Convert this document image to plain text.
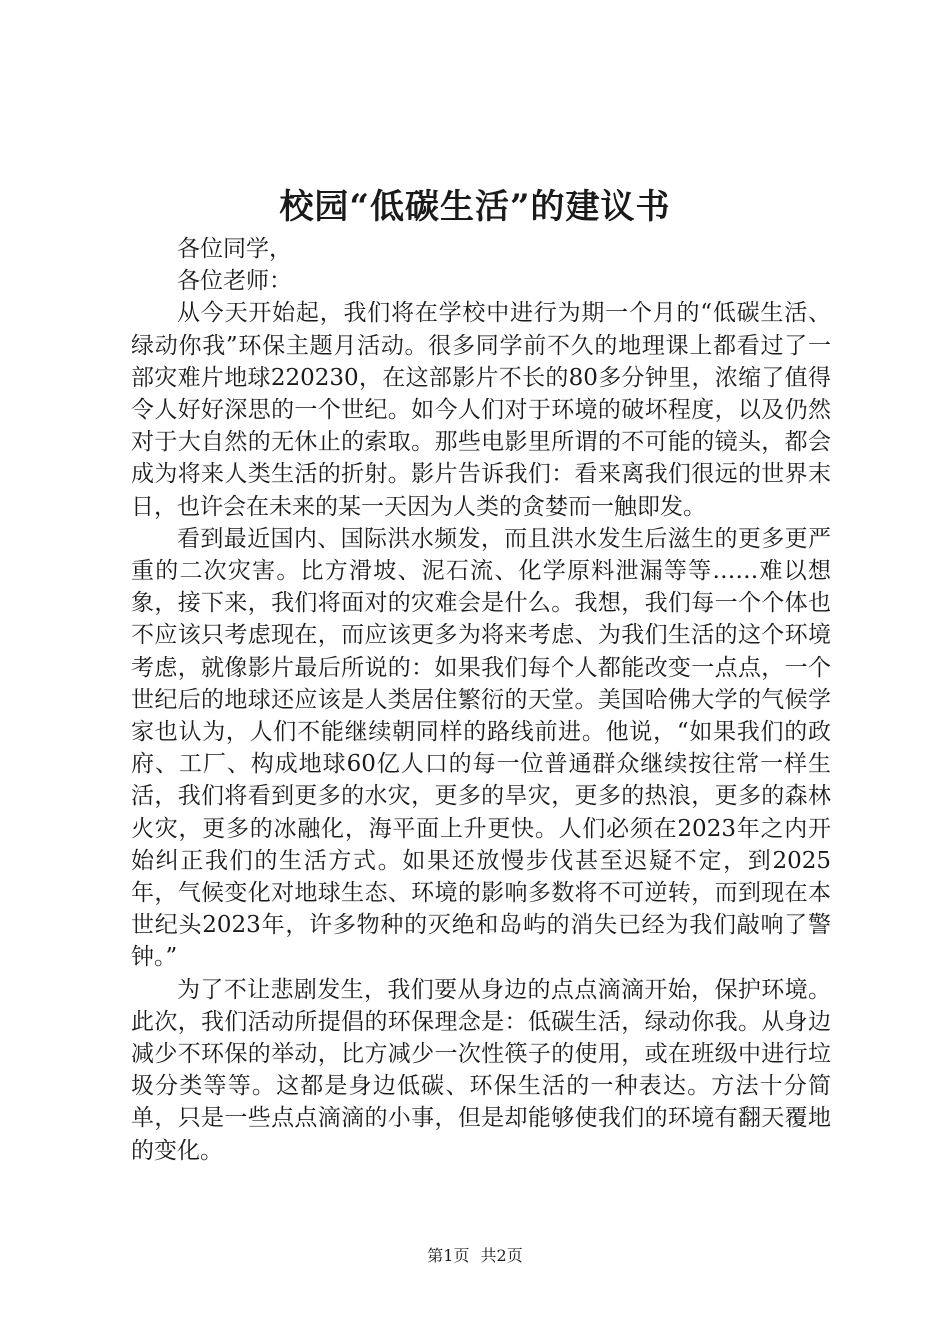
校园“低碳生活”的建议书

各位同学，

各位老师：

从今天开始起，我们将在学校中进行为期一个月的“低碳生活、绿动你我”环保主题月活动。很多同学前不久的地理课上都看过了一部灾难片地球220230，在这部影片不长的80多分钟里，浓缩了值得令人好好深思的一个世纪。如今人们对于环境的破坏程度，以及仍然对于大自然的无休止的索取。那些电影里所谓的不可能的镜头，都会成为将来人类生活的折射。影片告诉我们：看来离我们很远的世界末日，也许会在未来的某一天因为人类的贪婪而一触即发。

看到最近国内、国际洪水频发，而且洪水发生后滋生的更多更严重的二次灾害。比方滑坡、泥石流、化学原料泄漏等等……难以想象，接下来，我们将面对的灾难会是什么。我想，我们每一个个体也不应该只考虑现在，而应该更多为将来考虑、为我们生活的这个环境考虑，就像影片最后所说的：如果我们每个人都能改变一点点，一个世纪后的地球还应该是人类居住繁衍的天堂。美国哈佛大学的气候学家也认为，人们不能继续朝同样的路线前进。他说，“如果我们的政府、工厂、构成地球60亿人口的每一位普通群众继续按往常一样生活，我们将看到更多的水灾，更多的旱灾，更多的热浪，更多的森林火灾，更多的冰融化，海平面上升更快。人们必须在2023年之内开始纠正我们的生活方式。如果还放慢步伐甚至迟疑不定，到2025年，气候变化对地球生态、环境的影响多数将不可逆转，而到现在本世纪头2023年，许多物种的灭绝和岛屿的消失已经为我们敲响了警钟。”

为了不让悲剧发生，我们要从身边的点点滴滴开始，保护环境。此次，我们活动所提倡的环保理念是：低碳生活，绿动你我。从身边减少不环保的举动，比方减少一次性筷子的使用，或在班级中进行垃圾分类等等。这都是身边低碳、环保生活的一种表达。方法十分简单，只是一些点点滴滴的小事，但是却能够使我们的环境有翻天覆地的变化。

第1页 共2页
